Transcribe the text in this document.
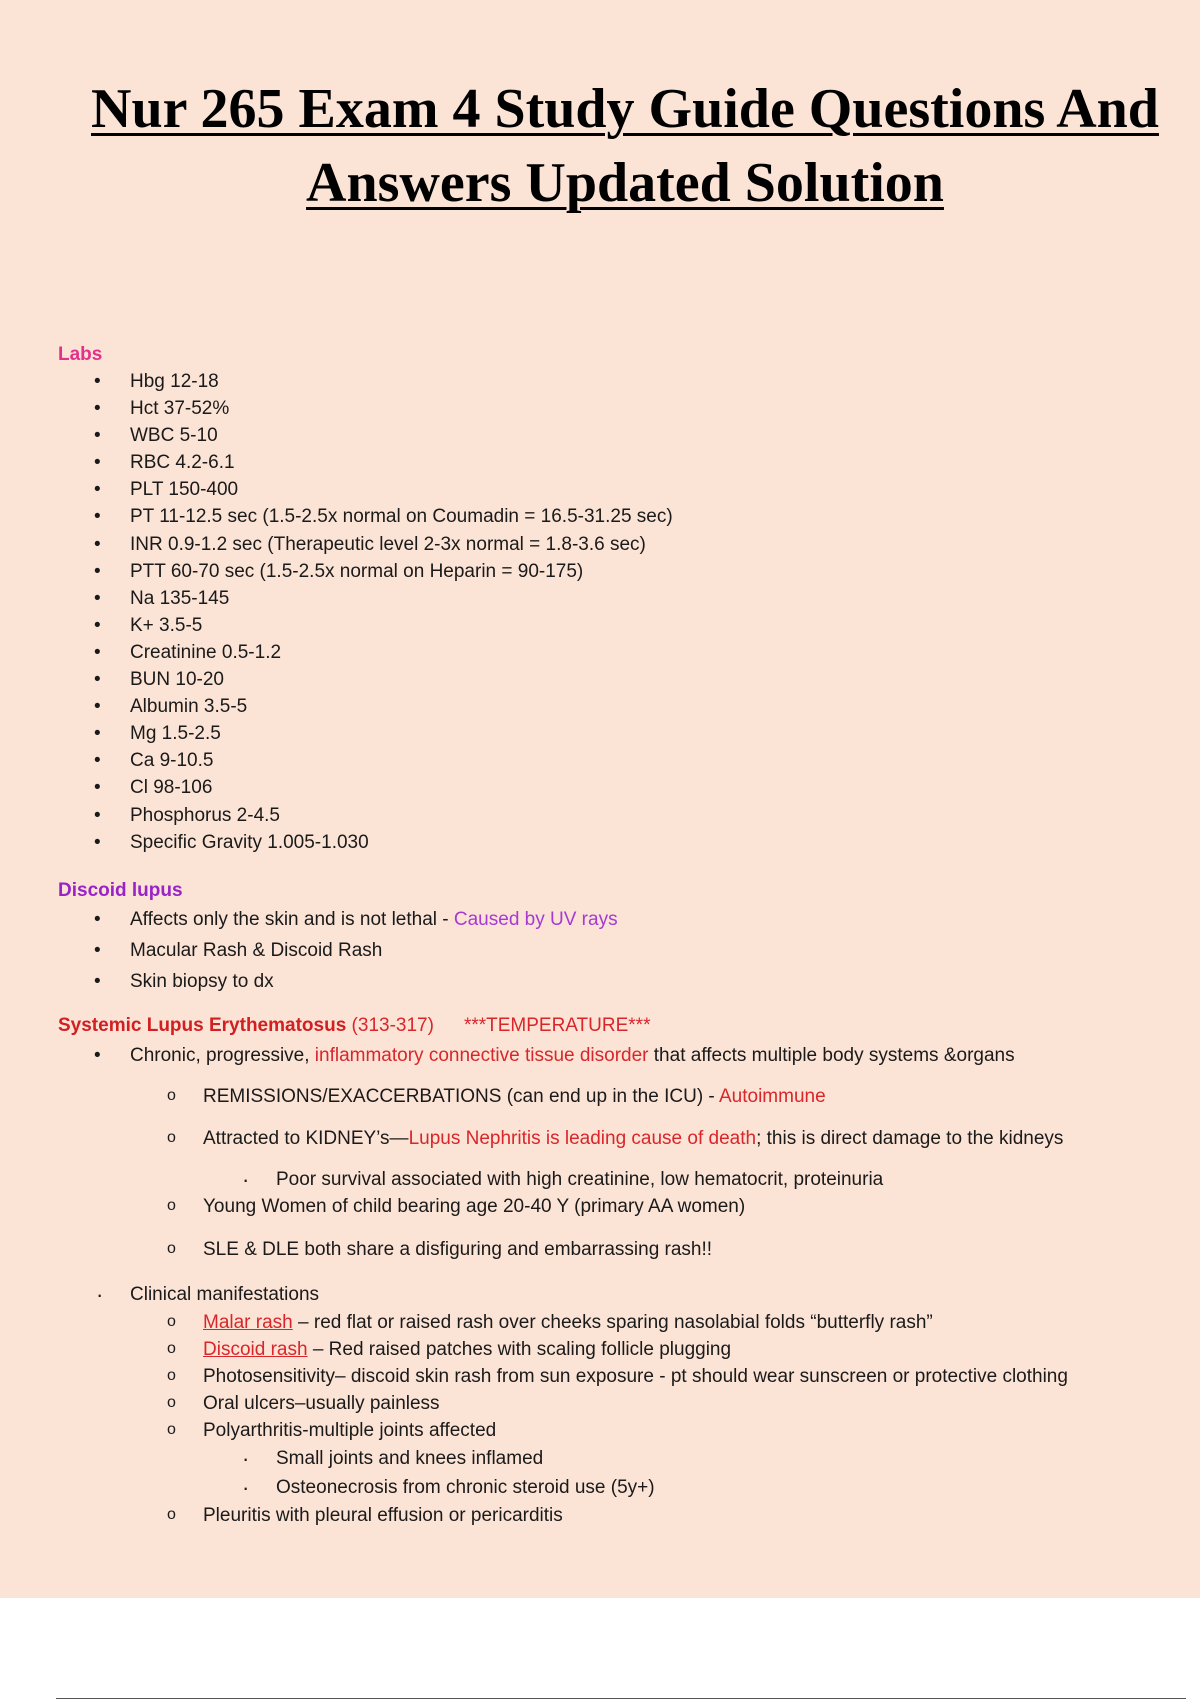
Nur 265 Exam 4 Study Guide Questions And
Answers Updated Solution
Labs
• Hbg 12-18
• Hct 37-52%
• WBC 5-10
• RBC 4.2-6.1
• PLT 150-400
• PT 11-12.5 sec (1.5-2.5x normal on Coumadin = 16.5-31.25 sec)
• INR 0.9-1.2 sec (Therapeutic level 2-3x normal = 1.8-3.6 sec)
• PTT 60-70 sec (1.5-2.5x normal on Heparin = 90-175)
• Na 135-145
• K+ 3.5-5
• Creatinine 0.5-1.2
• BUN 10-20
• Albumin 3.5-5
• Mg 1.5-2.5
• Ca 9-10.5
• Cl 98-106
• Phosphorus 2-4.5
• Specific Gravity 1.005-1.030
Discoid lupus
• Affects only the skin and is not lethal - Caused by UV rays
• Macular Rash & Discoid Rash
• Skin biopsy to dx
Systemic Lupus Erythematosus (313-317) ***TEMPERATURE***
• Chronic, progressive, inflammatory connective tissue disorder that affects multiple body systems &organs
o REMISSIONS/EXACCERBATIONS (can end up in the ICU) - Autoimmune
o Attracted to KIDNEY’s—Lupus Nephritis is leading cause of death; this is direct damage to the kidneys
· Poor survival associated with high creatinine, low hematocrit, proteinuria
o Young Women of child bearing age 20-40 Y (primary AA women)
o SLE & DLE both share a disfiguring and embarrassing rash!!
· Clinical manifestations
o Malar rash – red flat or raised rash over cheeks sparing nasolabial folds “butterfly rash”
o Discoid rash – Red raised patches with scaling follicle plugging
o Photosensitivity– discoid skin rash from sun exposure - pt should wear sunscreen or protective clothing
o Oral ulcers–usually painless
o Polyarthritis-multiple joints affected
· Small joints and knees inflamed
· Osteonecrosis from chronic steroid use (5y+)
o Pleuritis with pleural effusion or pericarditis
